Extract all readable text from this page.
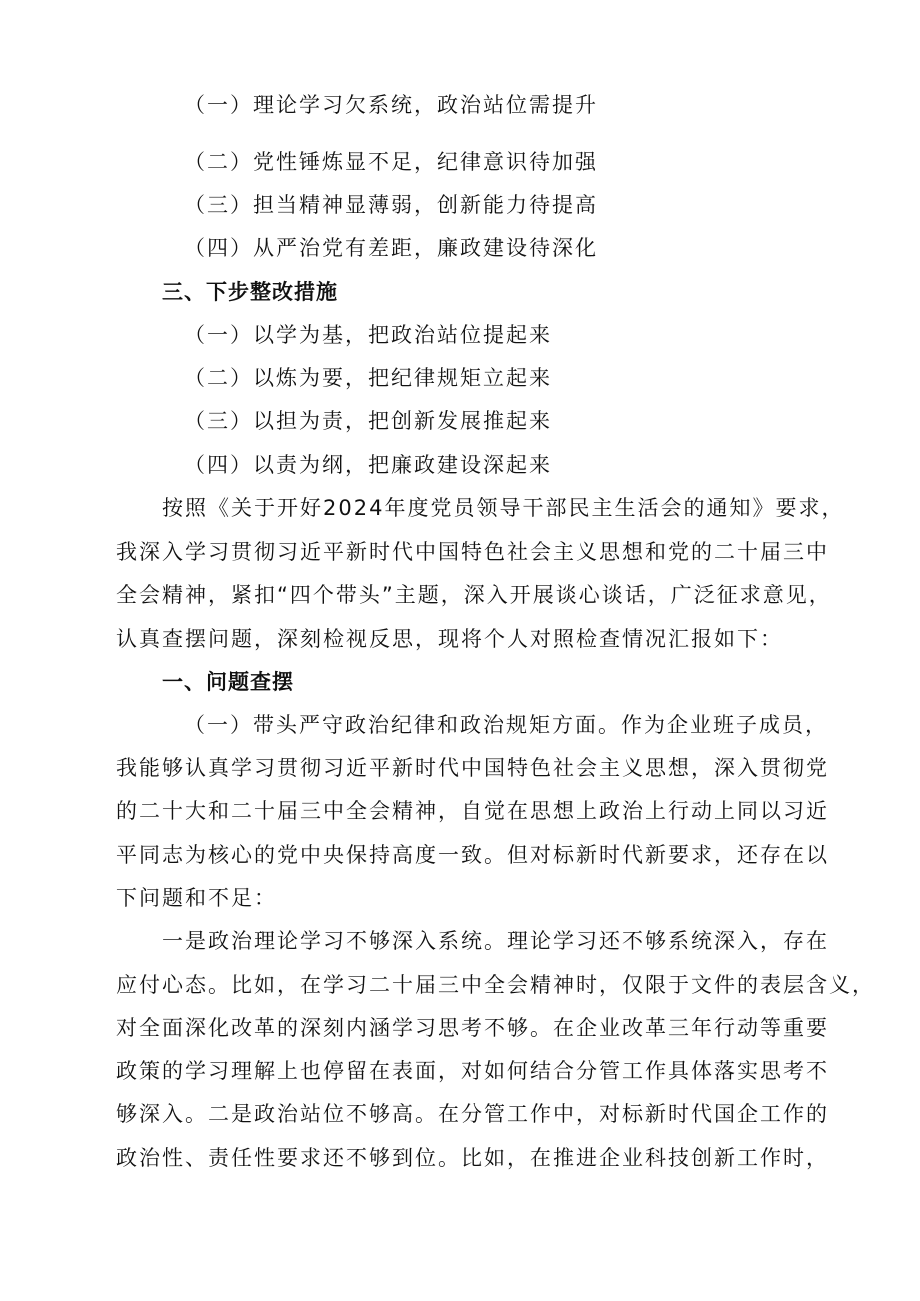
（一）理论学习欠系统，政治站位需提升
（二）党性锤炼显不足，纪律意识待加强
（三）担当精神显薄弱，创新能力待提高
（四）从严治党有差距，廉政建设待深化
三、下步整改措施
（一）以学为基，把政治站位提起来
（二）以炼为要，把纪律规矩立起来
（三）以担为责，把创新发展推起来
（四）以责为纲，把廉政建设深起来
按照《关于开好2024年度党员领导干部民主生活会的通知》要求，
我深入学习贯彻习近平新时代中国特色社会主义思想和党的二十届三中
全会精神，紧扣“四个带头”主题，深入开展谈心谈话，广泛征求意见，
认真查摆问题，深刻检视反思，现将个人对照检查情况汇报如下：
一、问题查摆
（一）带头严守政治纪律和政治规矩方面。作为企业班子成员，
我能够认真学习贯彻习近平新时代中国特色社会主义思想，深入贯彻党
的二十大和二十届三中全会精神，自觉在思想上政治上行动上同以习近
平同志为核心的党中央保持高度一致。但对标新时代新要求，还存在以
下问题和不足：
一是政治理论学习不够深入系统。理论学习还不够系统深入，存在
应付心态。比如，在学习二十届三中全会精神时，仅限于文件的表层含义，
对全面深化改革的深刻内涵学习思考不够。在企业改革三年行动等重要
政策的学习理解上也停留在表面，对如何结合分管工作具体落实思考不
够深入。二是政治站位不够高。在分管工作中，对标新时代国企工作的
政治性、责任性要求还不够到位。比如，在推进企业科技创新工作时，
